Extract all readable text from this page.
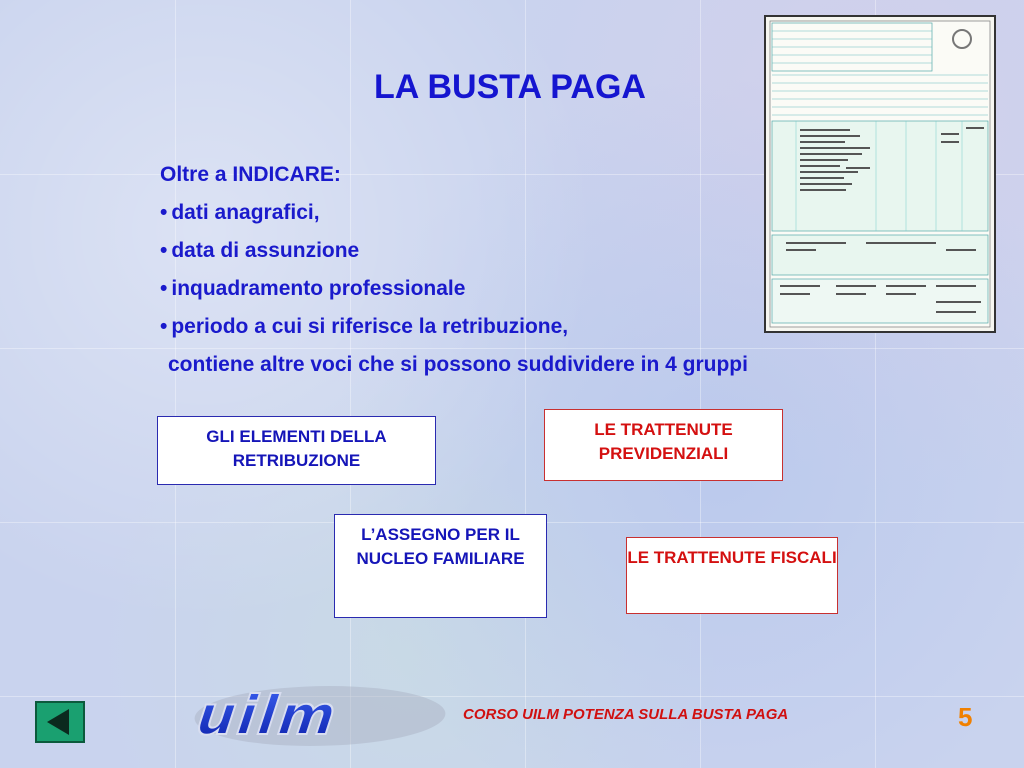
LA BUSTA PAGA
Oltre a INDICARE:
• dati anagrafici,
• data di assunzione
• inquadramento professionale
• periodo a cui si riferisce la retribuzione,
contiene altre voci che si possono suddividere in 4 gruppi
GLI ELEMENTI DELLA RETRIBUZIONE
LE TRATTENUTE PREVIDENZIALI
L’ASSEGNO PER IL NUCLEO FAMILIARE	LE TRATTENUTE FISCALI
uilm	CORSO UILM POTENZA SULLA BUSTA PAGA	5
